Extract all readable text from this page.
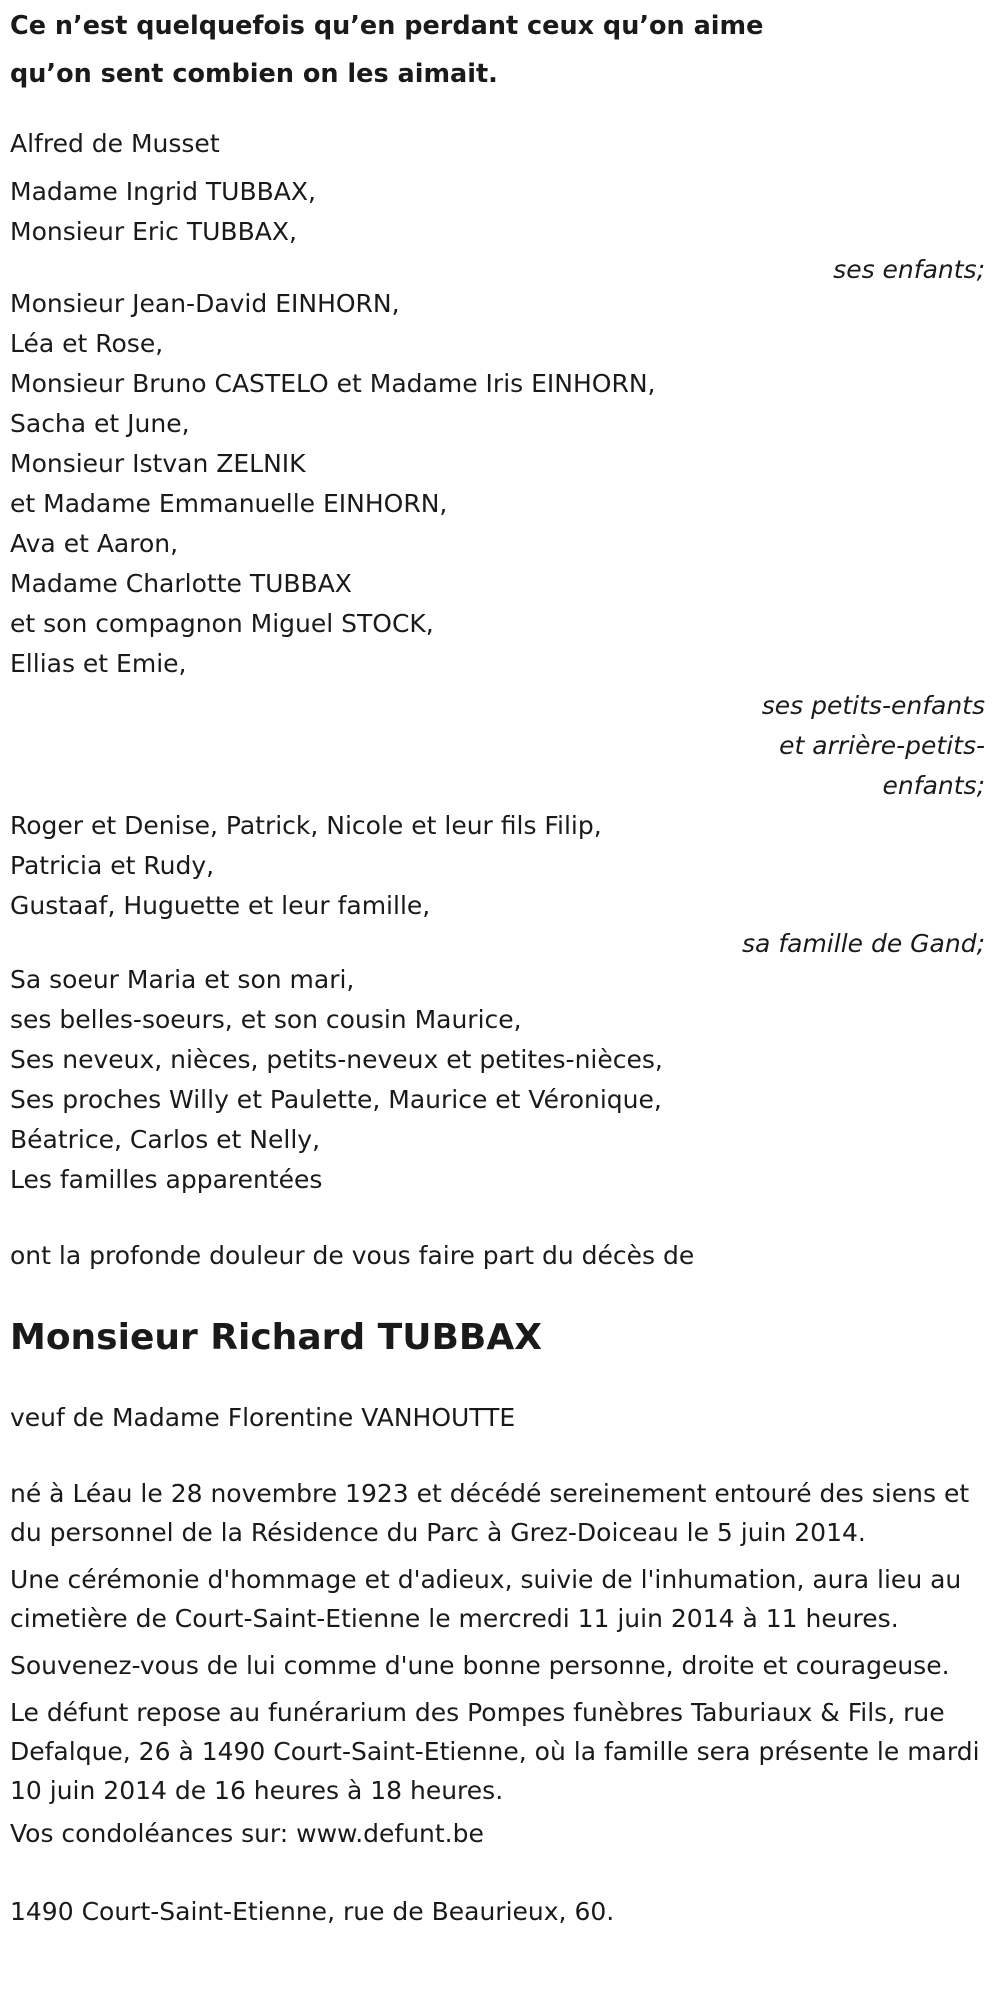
Ce n’est quelquefois qu’en perdant ceux qu’on aime
qu’on sent combien on les aimait.
Alfred de Musset
Madame Ingrid TUBBAX,
Monsieur Eric TUBBAX,
ses enfants;
Monsieur Jean-David EINHORN,
Léa et Rose,
Monsieur Bruno CASTELO et Madame Iris EINHORN,
Sacha et June,
Monsieur Istvan ZELNIK
et Madame Emmanuelle EINHORN,
Ava et Aaron,
Madame Charlotte TUBBAX
et son compagnon Miguel STOCK,
Ellias et Emie,
ses petits-enfants
et arrière-petits-
enfants;
Roger et Denise, Patrick, Nicole et leur fils Filip,
Patricia et Rudy,
Gustaaf, Huguette et leur famille,
sa famille de Gand;
Sa soeur Maria et son mari,
ses belles-soeurs, et son cousin Maurice,
Ses neveux, nièces, petits-neveux et petites-nièces,
Ses proches Willy et Paulette, Maurice et Véronique,
Béatrice, Carlos et Nelly,
Les familles apparentées
ont la profonde douleur de vous faire part du décès de
Monsieur Richard TUBBAX
veuf de Madame Florentine VANHOUTTE
né à Léau le 28 novembre 1923 et décédé sereinement entouré des siens et du personnel de la Résidence du Parc à Grez-Doiceau le 5 juin 2014.
Une cérémonie d'hommage et d'adieux, suivie de l'inhumation, aura lieu au cimetière de Court-Saint-Etienne le mercredi 11 juin 2014 à 11 heures.
Souvenez-vous de lui comme d'une bonne personne, droite et courageuse.
Le défunt repose au funérarium des Pompes funèbres Taburiaux & Fils, rue Defalque, 26 à 1490 Court-Saint-Etienne, où la famille sera présente le mardi 10 juin 2014 de 16 heures à 18 heures.
Vos condoléances sur: www.defunt.be
1490 Court-Saint-Etienne, rue de Beaurieux, 60.
